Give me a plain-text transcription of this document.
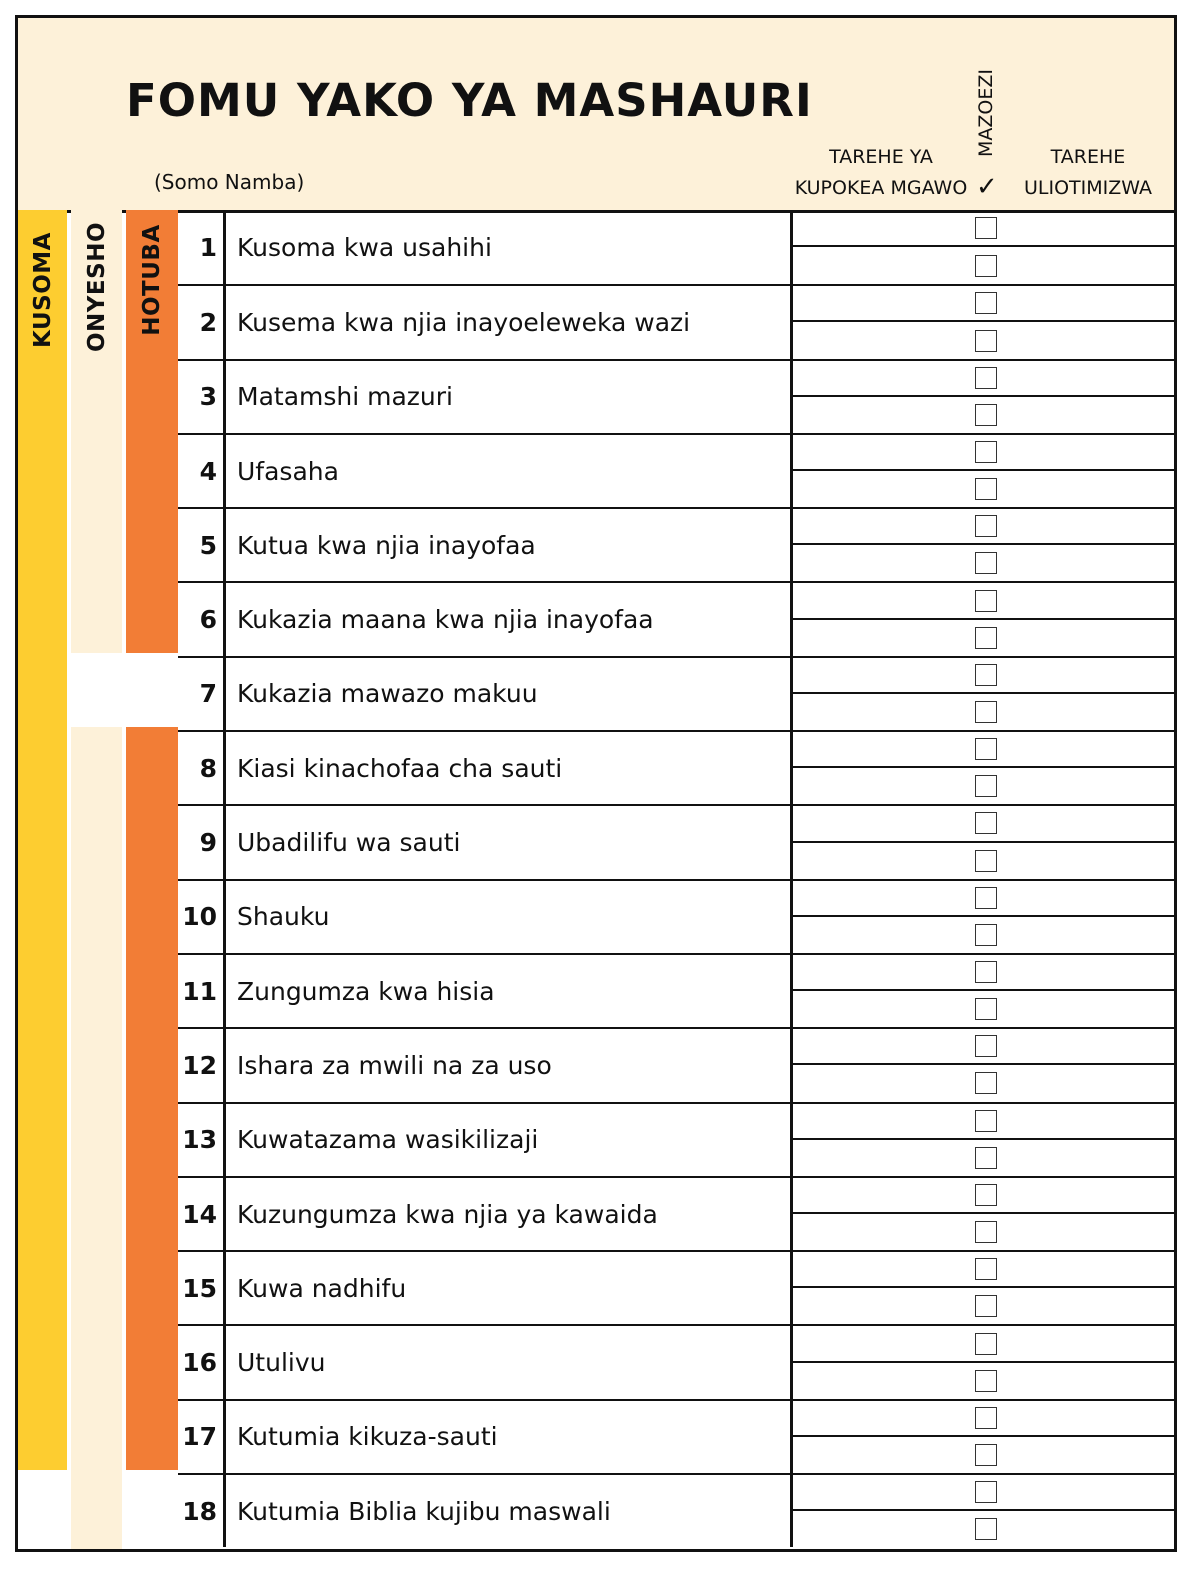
FOMU YAKO YA MASHAURI
(Somo Namba)
TAREHE YA
KUPOKEA MGAWO
MAZOEZI
✓
TAREHE
ULIOTIMIZWA
KUSOMA ONYESHO HOTUBA	1 Kusoma kwa usahihi
2 Kusema kwa njia inayoeleweka wazi
3 Matamshi mazuri
4 Ufasaha
5 Kutua kwa njia inayofaa
6 Kukazia maana kwa njia inayofaa
7 Kukazia mawazo makuu
8 Kiasi kinachofaa cha sauti
9 Ubadilifu wa sauti
10 Shauku
11 Zungumza kwa hisia
12 Ishara za mwili na za uso
13 Kuwatazama wasikilizaji
14 Kuzungumza kwa njia ya kawaida
15 Kuwa nadhifu
16 Utulivu
17 Kutumia kikuza-sauti
18 Kutumia Biblia kujibu maswali
